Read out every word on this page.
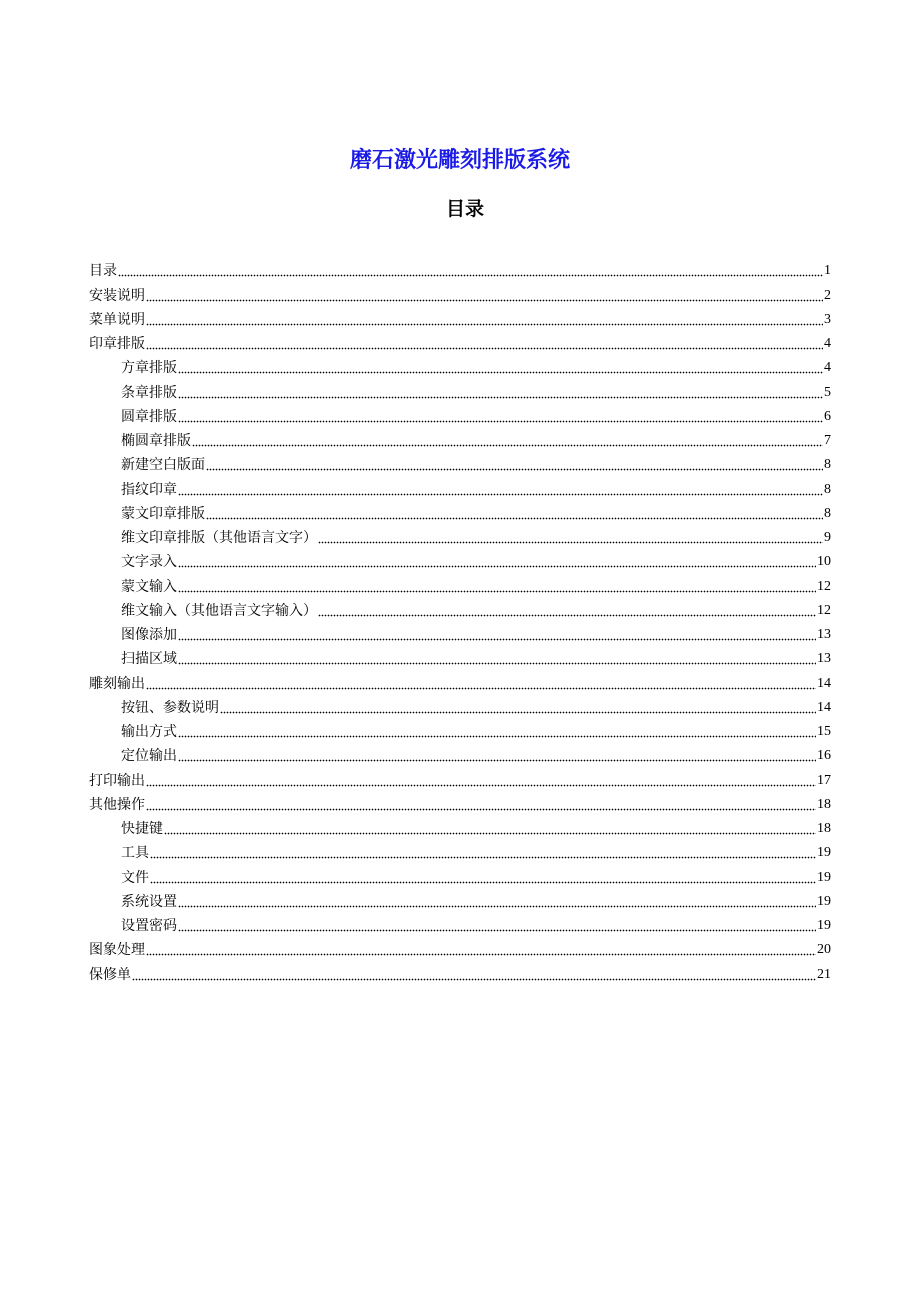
磨石激光雕刻排版系统
目录
目录	1
安装说明	2
菜单说明	3
印章排版	4
方章排版	4
条章排版	5
圆章排版	6
椭圆章排版	7
新建空白版面	8
指纹印章	8
蒙文印章排版	8
维文印章排版（其他语言文字）	9
文字录入	10
蒙文输入	12
维文输入（其他语言文字输入）	12
图像添加	13
扫描区域	13
雕刻输出	14
按钮、参数说明	14
输出方式	15
定位输出	16
打印输出	17
其他操作	18
快捷键	18
工具	19
文件	19
系统设置	19
设置密码	19
图象处理	20
保修单	21
